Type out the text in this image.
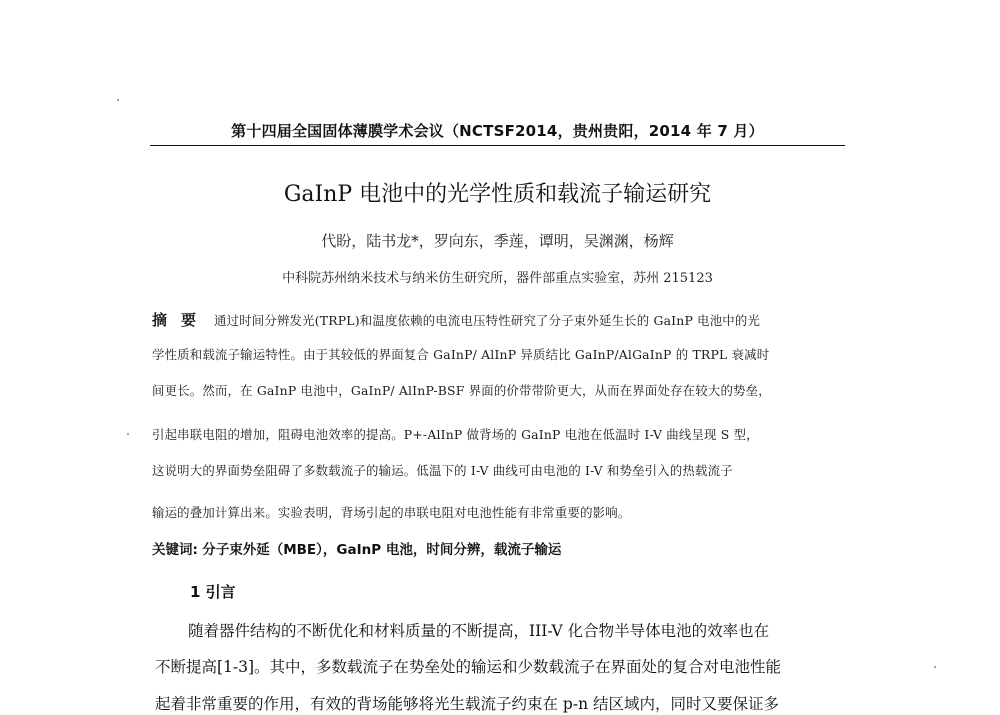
第十四届全国固体薄膜学术会议（NCTSF2014，贵州贵阳，2014 年 7 月）
GaInP 电池中的光学性质和载流子输运研究
代盼，陆书龙*，罗向东，季莲，谭明，吴渊渊，杨辉
中科院苏州纳米技术与纳米仿生研究所，器件部重点实验室，苏州 215123
摘要 通过时间分辨发光(TRPL)和温度依赖的电流电压特性研究了分子束外延生长的 GaInP 电池中的光
学性质和载流子输运特性。由于其较低的界面复合 GaInP/ AlInP 异质结比 GaInP/AlGaInP 的 TRPL 衰减时
间更长。然而，在 GaInP 电池中，GaInP/ AlInP-BSF 界面的价带带阶更大，从而在界面处存在较大的势垒，
引起串联电阻的增加，阻碍电池效率的提高。P+-AlInP 做背场的 GaInP 电池在低温时 I-V 曲线呈现 S 型，
这说明大的界面势垒阻碍了多数载流子的输运。低温下的 I-V 曲线可由电池的 I-V 和势垒引入的热载流子
输运的叠加计算出来。实验表明，背场引起的串联电阻对电池性能有非常重要的影响。
关键词: 分子束外延（MBE），GaInP 电池，时间分辨，载流子输运
1 引言
随着器件结构的不断优化和材料质量的不断提高，III-V 化合物半导体电池的效率也在
不断提高[1-3]。其中，多数载流子在势垒处的输运和少数载流子在界面处的复合对电池性能
起着非常重要的作用，有效的背场能够将光生载流子约束在 p-n 结区域内，同时又要保证多
